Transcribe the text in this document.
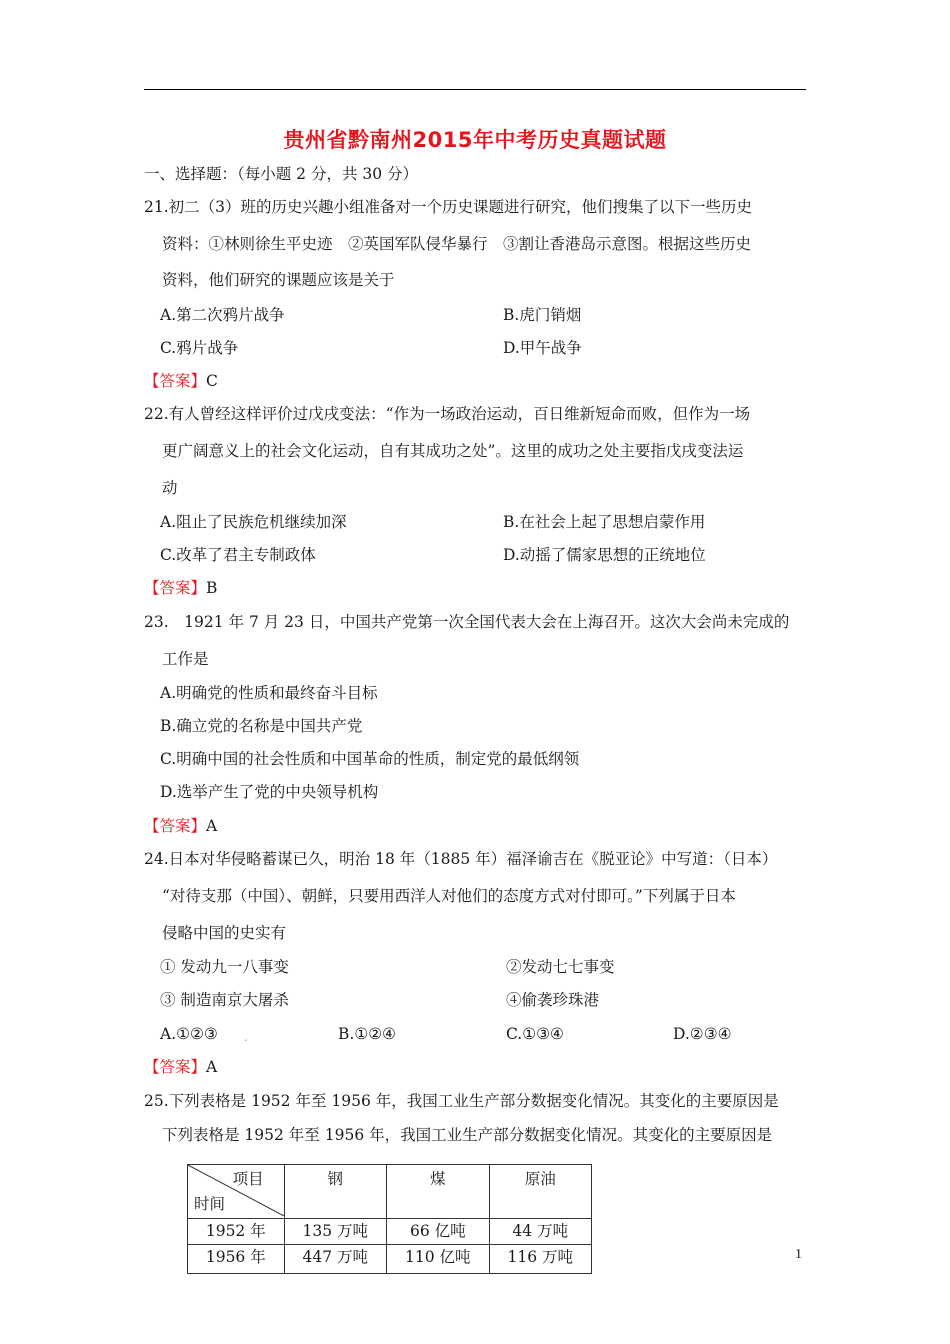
贵州省黔南州2015年中考历史真题试题
一、选择题：（每小题 2 分，共 30 分）
21.初二（3）班的历史兴趣小组准备对一个历史课题进行研究，他们搜集了以下一些历史
资料：①林则徐生平史迹　②英国军队侵华暴行　③割让香港岛示意图。根据这些历史
资料，他们研究的课题应该是关于
A.第二次鸦片战争	B.虎门销烟
C.鸦片战争	D.甲午战争
【答案】C
22.有人曾经这样评价过戊戌变法：“作为一场政治运动，百日维新短命而败，但作为一场
更广阔意义上的社会文化运动，自有其成功之处”。这里的成功之处主要指戊戌变法运
动
A.阻止了民族危机继续加深	B.在社会上起了思想启蒙作用
C.改革了君主专制政体	D.动摇了儒家思想的正统地位
【答案】B
23.　1921 年 7 月 23 日，中国共产党第一次全国代表大会在上海召开。这次大会尚未完成的
工作是
A.明确党的性质和最终奋斗目标
B.确立党的名称是中国共产党
C.明确中国的社会性质和中国革命的性质，制定党的最低纲领
D.选举产生了党的中央领导机构
【答案】A
24.日本对华侵略蓄谋已久，明治 18 年（1885 年）福泽谕吉在《脱亚论》中写道：（日本）
“对待支那（中国）、朝鲜，只要用西洋人对他们的态度方式对付即可。”下列属于日本
侵略中国的史实有
① 发动九一八事变	②发动七七事变
③ 制造南京大屠杀	④偷袭珍珠港
A.①②③ .	B.①②④	C.①③④	D.②③④
【答案】A
25.下列表格是 1952 年至 1956 年，我国工业生产部分数据变化情况。其变化的主要原因是
下列表格是 1952 年至 1956 年，我国工业生产部分数据变化情况。其变化的主要原因是
项目
时间	钢	煤	原油
1952 年	135 万吨	66 亿吨	44 万吨
1956 年	447 万吨	110 亿吨	116 万吨	1
